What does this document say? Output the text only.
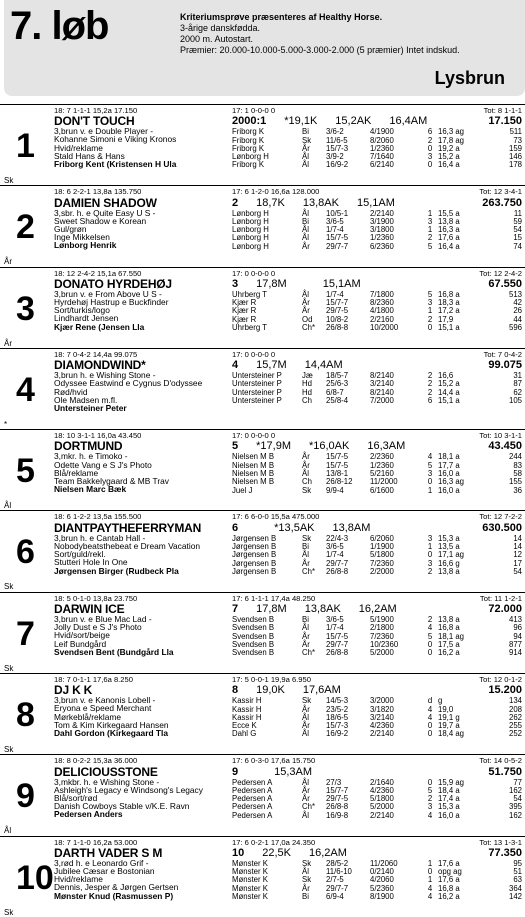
7. løb	Kriteriumsprøve præsenteres af Healthy Horse.
3-årige danskfødda.
2000 m. Autostart.
Præmier: 20.000-10.000-5.000-3.000-2.000 (5 præmier) Intet indskud.
Lysbrun
1
Sk
18: 7 1-1-1 15,2a 17.150
DON'T TOUCH
3,brun v. e Double Player -
Kohanne Simoni e Viking Kronos
Hvid/reklame
Stald Hans & Hans
Friborg Kent (Kristensen H Ula
17: 1 0-0-0 0	Tot: 8 1-1-1
2000:1 *19,1K 15,2AK 16,4AM	17.150
Friborg K	Bi	3/6-2	4/1900	6	16,3 ag	511
Friborg K	Sk	11/6-5	8/2060	2	17,8 ag	73
Friborg K	År	15/7-3	1/2360	0	19,2 a	159
Lønborg H	Ål	3/9-2	7/1640	3	15,2 a	146
Friborg K	Ål	16/9-2	6/2140	0	16,4 a	178
2
År
18: 6 2-2-1 13,8a 135.750
DAMIEN SHADOW
3,sbr. h. e Quite Easy U S -
Sweet Shadow e Korean
Gul/grøn
Inge Mikkelsen
Lønborg Henrik
17: 6 1-2-0 16,6a 128.000	Tot: 12 3-4-1
2 18,7K 13,8AK 15,1AM	263.750
Lønborg H	Ål	10/5-1	2/2140	1	15,5 a	11
Lønborg H	Bi	3/6-5	3/1900	3	13,8 a	59
Lønborg H	Ål	1/7-4	3/1800	1	16,3 a	54
Lønborg H	Ål	15/7-5	1/2360	2	17,6 a	15
Lønborg H	År	29/7-7	6/2360	5	16,4 a	74
3
År
18: 12 2-4-2 15,1a 67.550
DONATO HYRDEHØJ
3,brun v. e From Above U S -
Hyrdehøj Hastrup e Buckfinder
Sort/turkis/logo
Lindhardt Jensen
Kjær Rene (Jensen Lla
17: 0 0-0-0 0	Tot: 12 2-4-2
3 17,8M	15,1AM	67.550
Uhrberg T	Ål	1/7-4	7/1800	5	16,8 a	513
Kjær R	År	15/7-7	8/2360	3	18,3 a	42
Kjær R	År	29/7-5	4/1800	1	17,2 a	26
Kjær R	Od	10/8-2	2/2160	2	17,9	44
Uhrberg T	Ch*	26/8-8	10/2000	0	15,1 a	596
4
*
18: 7 0-4-2 14,4a 99.075
DIAMONDWIND*
3,brun h. e Wishing Stone -
Odyssee Eastwind e Cygnus D'odyssee
Rød/hvid
Ole Madsen m.fl.
Untersteiner Peter
17: 0 0-0-0 0	Tot: 7 0-4-2
4 15,7M 14,4AM	99.075
Untersteiner P	Jæ	18/5-7	8/2140	2	16,6	31
Untersteiner P	Hd	25/6-3	3/2140	2	15,2 a	87
Untersteiner P	Hd	6/8-7	8/2140	2	14,4 a	62
Untersteiner P	Ch	25/8-4	7/2000	6	15,1 a	105
5
Ål
18: 10 3-1-1 16,0a 43.450
DORTMUND
3,mkr. h. e Timoko -
Odette Vang e S J's Photo
Blå/reklame
Team Bakkelygaard & MB Trav
Nielsen Marc Bæk
17: 0 0-0-0 0	Tot: 10 3-1-1
5 *17,9M *16,0AK 16,3AM	43.450
Nielsen M B	År	15/7-5	2/2360	4	18,1 a	244
Nielsen M B	År	15/7-5	1/2360	5	17,7 a	83
Nielsen M B	Ål	13/8-1	5/2160	3	16,0 a	58
Nielsen M B	Ch	26/8-12	11/2000	0	16,3 ag	155
Juel J	Sk	9/9-4	6/1600	1	16,0 a	36
6
Sk
18: 6 1-2-2 13,5a 155.500
DIANTPAYTHEFERRYMAN
3,brun h. e Cantab Hall -
Nobodybeatsthebeat e Dream Vacation
Sort/guld/rekl.
Stutteri Hole In One
Jørgensen Birger (Rudbeck Pla
17: 6 6-0-0 15,5a 475.000	Tot: 12 7-2-2
6	*13,5AK 13,8AM	630.500
Jørgensen B	Sk	22/4-3	6/2060	3	15,3 a	14
Jørgensen B	Bi	3/6-5	1/1900	1	13,5 a	14
Jørgensen B	Ål	1/7-4	5/1800	0	17,1 ag	12
Jørgensen B	År	29/7-7	7/2360	3	16,6 g	17
Jørgensen B	Ch*	26/8-8	2/2000	2	13,8 a	54
7
Sk
18: 5 0-1-0 13,8a 23.750
DARWIN ICE
3,brun v. e Blue Mac Lad -
Jolly Dust e S J's Photo
Hvid/sort/beige
Leif Bundgård
Svendsen Bent (Bundgård Lla
17: 6 1-1-1 17,4a 48.250	Tot: 11 1-2-1
7 17,8M 13,8AK 16,2AM	72.000
Svendsen B	Bi	3/6-5	5/1900	2	13,8 a	413
Svendsen B	Ål	1/7-4	2/1800	4	16,8 a	96
Svendsen B	År	15/7-5	7/2360	5	18,1 ag	94
Svendsen B	År	29/7-7	10/2360	0	17,5 a	877
Svendsen B	Ch*	26/8-8	5/2000	0	16,2 a	914
8
Sk
18: 7 0-1-1 17,6a 8.250
DJ K K
3,brun v. e Kanonis Lobell -
Eryona e Speed Merchant
Mørkeblå/reklame
Tom & Kim Kirkegaard Hansen
Dahl Gordon (Kirkegaard Tla
17: 5 0-0-1 19,9a 6.950	Tot: 12 0-1-2
8 19,0K 17,6AM	15.200
Kassir H	Sk	14/5-3	3/2000	d	g	134
Kassir H	År	23/5-2	3/1820	4	19,0	208
Kassir H	Ål	18/6-5	3/2140	4	19,1 g	262
Ecce K	År	15/7-3	4/2360	0	19,7 a	255
Dahl G	Ål	16/9-2	2/2140	0	18,4 ag	252
9
Ål
18: 8 0-2-2 15,3a 36.000
DELICIOUSSTONE
3,mkbr. h. e Wishing Stone -
Ashleigh's Legacy e Windsong's Legacy
Blå/sort/rød
Danish Cowboys Stable v/K.E. Ravn
Pedersen Anders
17: 6 0-3-0 17,6a 15.750	Tot: 14 0-5-2
9	15,3AM	51.750
Pedersen A	Ål	27/3	2/1640	0	15,9 ag	77
Pedersen A	År	15/7-7	4/2360	5	18,4 a	162
Pedersen A	År	29/7-5	5/1800	2	17,4 a	54
Pedersen A	Ch*	26/8-8	5/2000	3	15,3 a	395
Pedersen A	Ål	16/9-8	2/2140	4	16,0 a	162
10
Sk
18: 7 1-1-0 16,2a 53.000
DARTH VADER S M
3,rød h. e Leonardo Grif -
Jubilee Cæsar e Bostonian
Hvid/reklame
Dennis, Jesper & Jørgen Gertsen
Mønster Knud (Rasmussen P)
17: 6 0-2-1 17,0a 24.350	Tot: 13 1-3-1
10 22,5K 16,2AM	77.350
Mønster K	Sk	28/5-2	11/2060	1	17,6 a	95
Mønster K	Ål	11/6-10	0/2140	0	opg ag	51
Mønster K	Sk	2/7-5	4/2060	1	17,6 a	63
Mønster K	År	29/7-7	5/2360	4	16,8 a	364
Mønster K	Bi	6/9-4	8/1900	4	16,2 a	142
